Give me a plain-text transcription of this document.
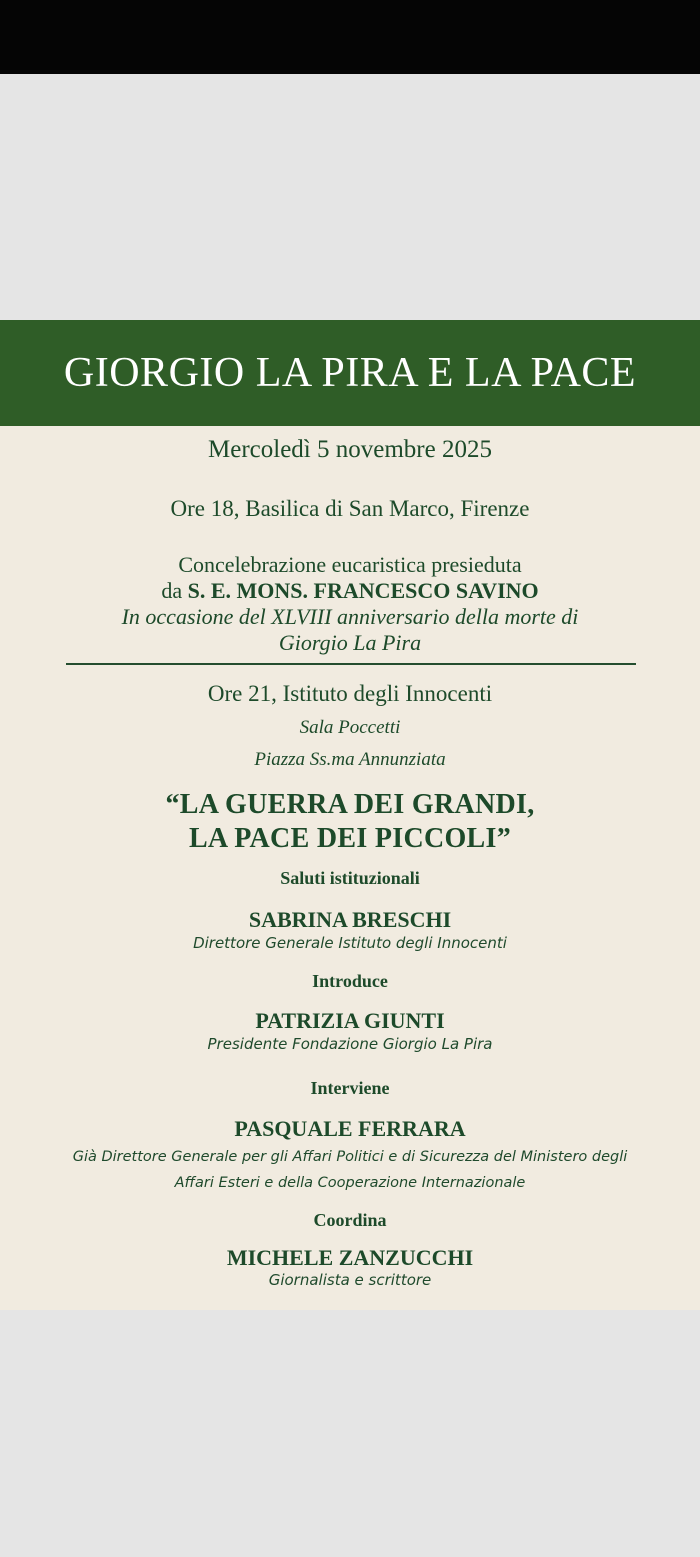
GIORGIO LA PIRA E LA PACE
Mercoledì 5 novembre 2025
Ore 18, Basilica di San Marco, Firenze
Concelebrazione eucaristica presieduta
da S. E. MONS. FRANCESCO SAVINO
In occasione del XLVIII anniversario della morte di
Giorgio La Pira
Ore 21, Istituto degli Innocenti
Sala Poccetti
Piazza Ss.ma Annunziata
“LA GUERRA DEI GRANDI,
LA PACE DEI PICCOLI”
Saluti istituzionali
SABRINA BRESCHI
Direttore Generale Istituto degli Innocenti
Introduce
PATRIZIA GIUNTI
Presidente Fondazione Giorgio La Pira
Interviene
PASQUALE FERRARA
Già Direttore Generale per gli Affari Politici e di Sicurezza del Ministero degli
Affari Esteri e della Cooperazione Internazionale
Coordina
MICHELE ZANZUCCHI
Giornalista e scrittore
